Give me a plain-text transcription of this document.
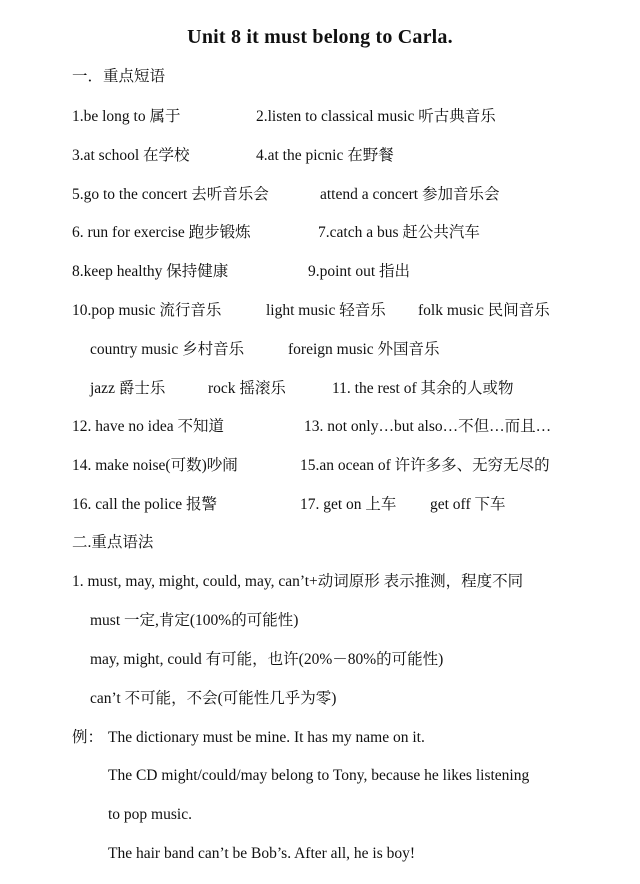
Unit 8 it must belong to Carla.
一．重点短语
1.be long to 属于	2.listen to classical music 听古典音乐
3.at school 在学校	4.at the picnic 在野餐
5.go to the concert 去听音乐会	attend a concert 参加音乐会
6. run for exercise 跑步锻炼	7.catch a bus 赶公共汽车
8.keep healthy 保持健康	9.point out 指出
10.pop music 流行音乐	light music 轻音乐 folk music 民间音乐
country music 乡村音乐	foreign music 外国音乐
jazz 爵士乐	rock 摇滚乐	11. the rest of 其余的人或物
12. have no idea 不知道	13. not only…but also…不但…而且…
14. make noise(可数)吵闹	15.an ocean of 许许多多、无穷无尽的
16. call the police 报警	17. get on 上车 get off 下车
二.重点语法
1. must, may, might, could, may, can’t+动词原形 表示推测，程度不同
must 一定,肯定(100%的可能性)
may, might, could 有可能，也许(20%－80%的可能性)
can’t 不可能，不会(可能性几乎为零)
例： The dictionary must be mine. It has my name on it.
The CD might/could/may belong to Tony, because he likes listening
to pop music.
The hair band can’t be Bob’s. After all, he is boy!
